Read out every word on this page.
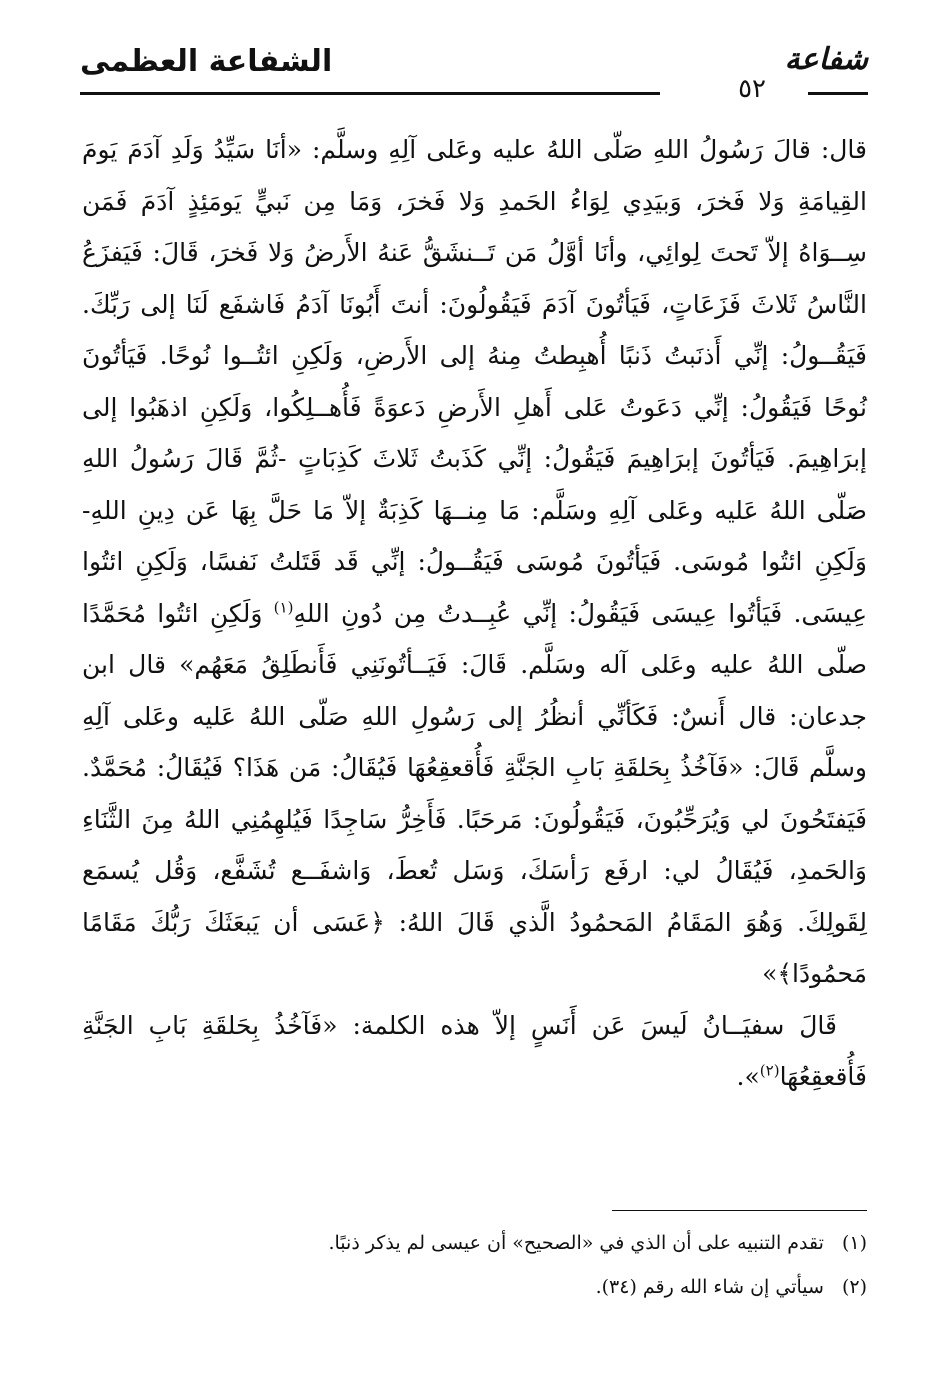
شفاعة
٥٢
الشفاعة العظمى

قال: قالَ رَسُولُ اللهِ صَلّى اللهُ عليه وعَلى آلِهِ وسلَّم: «أنَا سَيِّدُ وَلَدِ آدَمَ يَومَ القِيامَةِ وَلا فَخرَ، وَبيَدِي لِوَاءُ الحَمدِ وَلا فَخرَ، وَمَا مِن نَبيٍّ يَومَئِذٍ آدَمَ فَمَن سِــوَاهُ إلاّ تَحتَ لِوائِي، وأنَا أوَّلُ مَن تَــنشَقُّ عَنهُ الأَرضُ وَلا فَخرَ، قَالَ: فَيَفزَعُ النَّاسُ ثَلاثَ فَزَعَاتٍ، فَيَأتُونَ آدَمَ فَيَقُولُونَ: أنتَ أَبُونَا آدَمُ فَاشفَع لَنَا إلى رَبِّكَ. فَيَقُــولُ: إنِّي أَذنَبتُ ذَنبًا أُهبِطتُ مِنهُ إلى الأَرضِ، وَلَكِنِ ائتُــوا نُوحًا. فَيَأتُونَ نُوحًا فَيَقُولُ: إنِّي دَعَوتُ عَلى أَهلِ الأَرضِ دَعوَةً فَأُهــلِكُوا، وَلَكِنِ اذهَبُوا إلى إبرَاهِيمَ. فَيَأتُونَ إبرَاهِيمَ فَيَقُولُ: إنِّي كَذَبتُ ثَلاثَ كَذِبَاتٍ -ثُمَّ قَالَ رَسُولُ اللهِ صَلّى اللهُ عَليه وعَلى آلِهِ وسَلَّم: مَا مِنــهَا كَذِبَةٌ إلاّ مَا حَلَّ بِهَا عَن دِينِ اللهِ- وَلَكِنِ ائتُوا مُوسَى. فَيَأتُونَ مُوسَى فَيَقُــولُ: إنِّي قَد قَتَلتُ نَفسًا، وَلَكِنِ ائتُوا عِيسَى. فَيَأتُوا عِيسَى فَيَقُولُ: إنِّي عُبِــدتُ مِن دُونِ اللهِ$^{(١)}$ وَلَكِنِ ائتُوا مُحَمَّدًا صلّى اللهُ عليه وعَلى آله وسَلَّم. قَالَ: فَيَــأتُونَنِي فَأَنطَلِقُ مَعَهُم» قال ابن جدعان: قال أَنسٌ: فَكَأنِّي أنظُرُ إلى رَسُولِ اللهِ صَلّى اللهُ عَليه وعَلى آلِهِ وسلَّم قَالَ: «فَآخُذُ بِحَلقَةِ بَابِ الجَنَّةِ فَأُقعقِعُهَا فَيُقَالُ: مَن هَذَا؟ فَيُقَالُ: مُحَمَّدٌ. فَيَفتَحُونَ لي وَيُرَحِّبُونَ، فَيَقُولُونَ: مَرحَبًا. فَأَخِرُّ سَاجِدًا فَيُلهِمُنِي اللهُ مِنَ الثَّنَاءِ وَالحَمدِ، فَيُقَالُ لي: ارفَع رَأسَكَ، وَسَل تُعطَ، وَاشفَــع تُشَفَّع، وَقُل يُسمَع لِقَولِكَ. وَهُوَ المَقَامُ المَحمُودُ الَّذي قَالَ اللهُ: ﴿عَسَى أن يَبعَثَكَ رَبُّكَ مَقَامًا مَحمُودًا﴾»

قَالَ سفيَــانُ لَيسَ عَن أَنَسٍ إلاّ هذه الكلمة: «فَآخُذُ بِحَلقَةِ بَابِ الجَنَّةِ فَأُقعقِعُهَا$^{(٢)}$».

(١)
تقدم التنبيه على أن الذي في «الصحيح» أن عيسى لم يذكر ذنبًا.
(٢)
سيأتي إن شاء الله رقم (٣٤).
